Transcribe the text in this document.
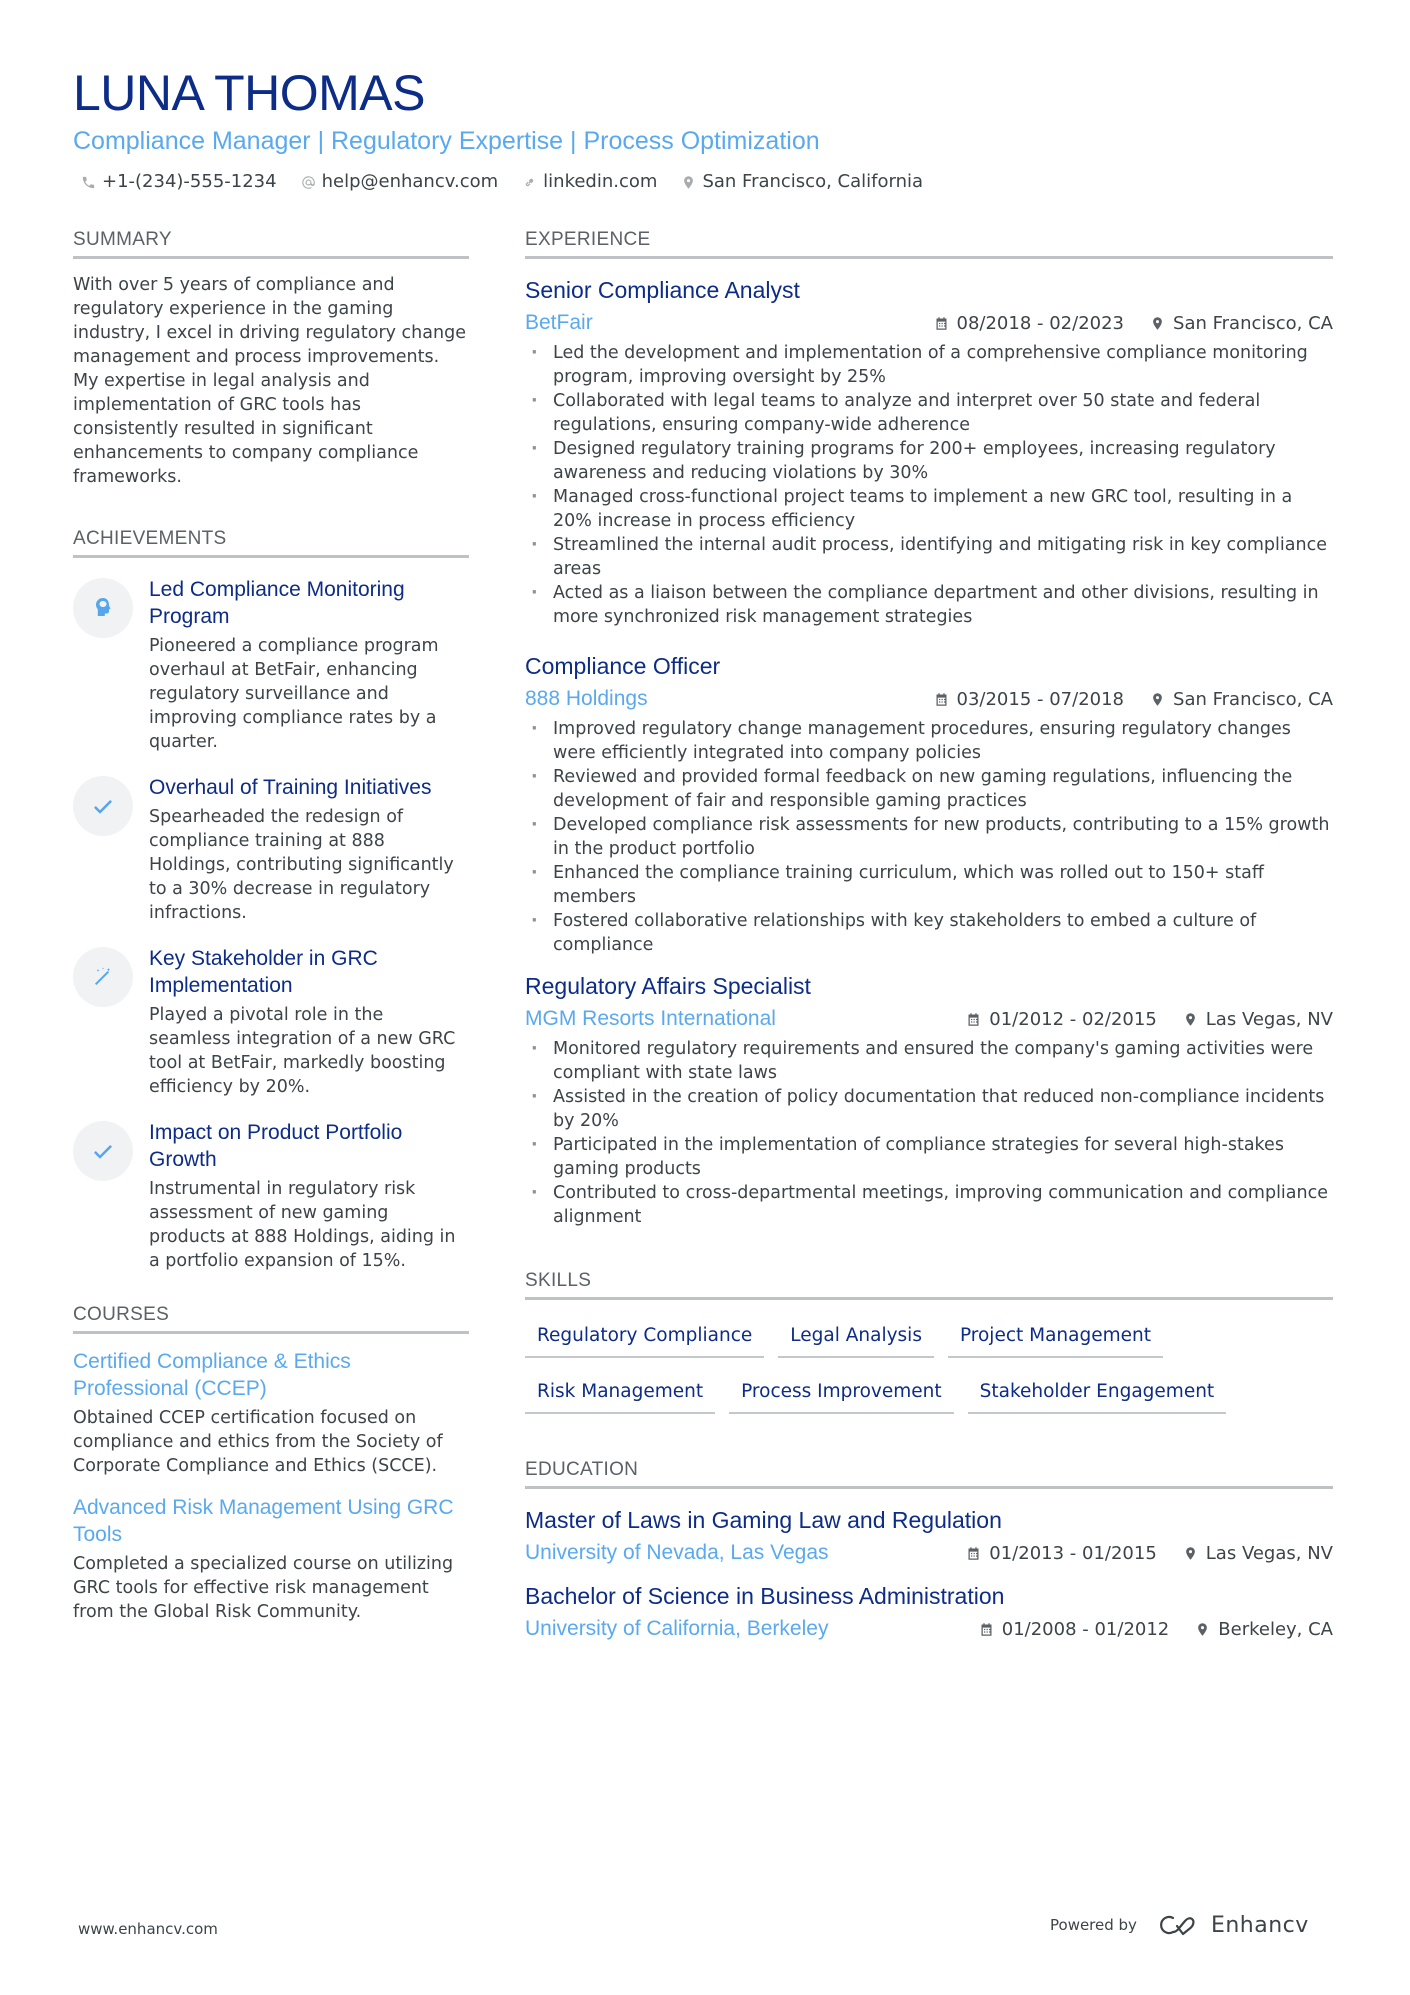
LUNA THOMAS
Compliance Manager | Regulatory Expertise | Process Optimization
+1-(234)-555-1234	help@enhancv.com	linkedin.com	San Francisco, California
SUMMARY
With over 5 years of compliance and regulatory experience in the gaming industry, I excel in driving regulatory change management and process improvements. My expertise in legal analysis and implementation of GRC tools has consistently resulted in significant enhancements to company compliance frameworks.
ACHIEVEMENTS
Led Compliance Monitoring Program
Pioneered a compliance program overhaul at BetFair, enhancing regulatory surveillance and improving compliance rates by a quarter.
Overhaul of Training Initiatives
Spearheaded the redesign of compliance training at 888 Holdings, contributing significantly to a 30% decrease in regulatory infractions.
Key Stakeholder in GRC Implementation
Played a pivotal role in the seamless integration of a new GRC tool at BetFair, markedly boosting efficiency by 20%.
Impact on Product Portfolio Growth
Instrumental in regulatory risk assessment of new gaming products at 888 Holdings, aiding in a portfolio expansion of 15%.
COURSES
Certified Compliance & Ethics Professional (CCEP)
Obtained CCEP certification focused on compliance and ethics from the Society of Corporate Compliance and Ethics (SCCE).
Advanced Risk Management Using GRC Tools
Completed a specialized course on utilizing GRC tools for effective risk management from the Global Risk Community.
EXPERIENCE
Senior Compliance Analyst
BetFair	08/2018 - 02/2023	San Francisco, CA
· Led the development and implementation of a comprehensive compliance monitoring program, improving oversight by 25%
· Collaborated with legal teams to analyze and interpret over 50 state and federal regulations, ensuring company-wide adherence
· Designed regulatory training programs for 200+ employees, increasing regulatory awareness and reducing violations by 30%
· Managed cross-functional project teams to implement a new GRC tool, resulting in a 20% increase in process efficiency
· Streamlined the internal audit process, identifying and mitigating risk in key compliance areas
· Acted as a liaison between the compliance department and other divisions, resulting in more synchronized risk management strategies
Compliance Officer
888 Holdings	03/2015 - 07/2018	San Francisco, CA
· Improved regulatory change management procedures, ensuring regulatory changes were efficiently integrated into company policies
· Reviewed and provided formal feedback on new gaming regulations, influencing the development of fair and responsible gaming practices
· Developed compliance risk assessments for new products, contributing to a 15% growth in the product portfolio
· Enhanced the compliance training curriculum, which was rolled out to 150+ staff members
· Fostered collaborative relationships with key stakeholders to embed a culture of compliance
Regulatory Affairs Specialist
MGM Resorts International	01/2012 - 02/2015	Las Vegas, NV
· Monitored regulatory requirements and ensured the company's gaming activities were compliant with state laws
· Assisted in the creation of policy documentation that reduced non-compliance incidents by 20%
· Participated in the implementation of compliance strategies for several high-stakes gaming products
· Contributed to cross-departmental meetings, improving communication and compliance alignment
SKILLS
Regulatory Compliance	Legal Analysis	Project Management
Risk Management	Process Improvement	Stakeholder Engagement
EDUCATION
Master of Laws in Gaming Law and Regulation
University of Nevada, Las Vegas	01/2013 - 01/2015	Las Vegas, NV
Bachelor of Science in Business Administration
University of California, Berkeley	01/2008 - 01/2012	Berkeley, CA
www.enhancv.com	Powered by	Enhancv
